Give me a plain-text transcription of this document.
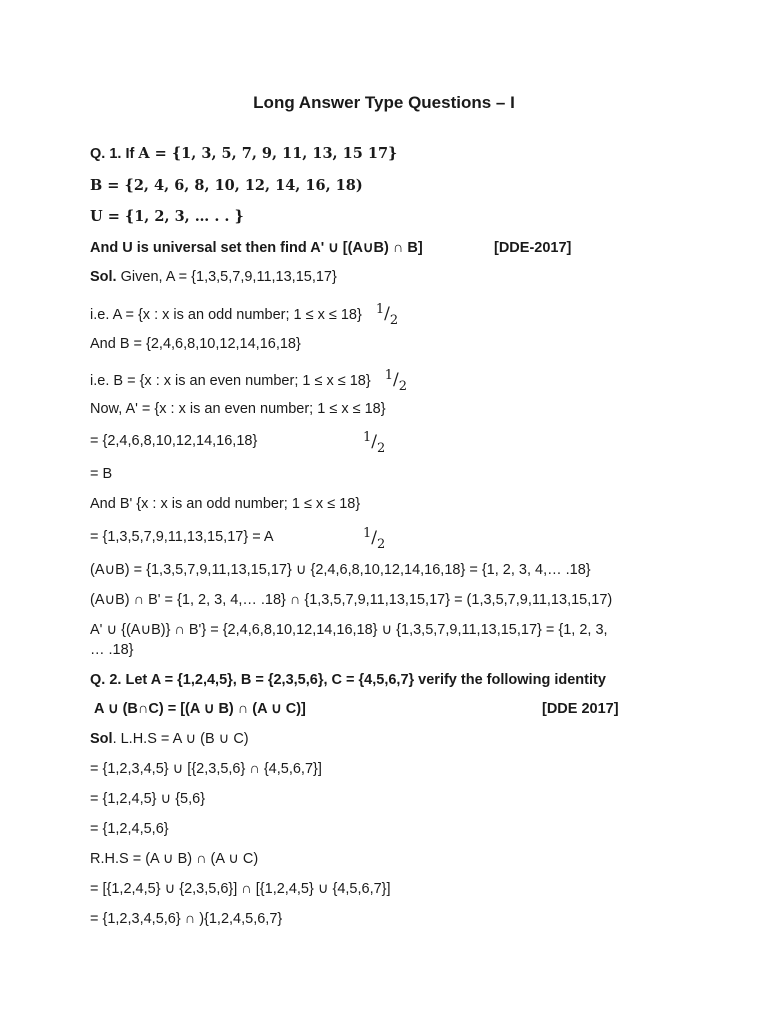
Long Answer Type Questions – I
Q. 1. If A = {1, 3, 5, 7, 9, 11, 13, 15 17}
B = {2, 4, 6, 8, 10, 12, 14, 16, 18)
U = {1, 2, 3, … . . }
And U is universal set then find A' ∪ [(A∪B) ∩ B]	[DDE-2017]
Sol. Given, A = {1,3,5,7,9,11,13,15,17}
i.e. A = {x : x is an odd number; 1 ≤ x ≤ 18} $^1/_2$
And B = {2,4,6,8,10,12,14,16,18}
i.e. B = {x : x is an even number; 1 ≤ x ≤ 18} $^1/_2$
Now, A' = {x : x is an even number; 1 ≤ x ≤ 18}
= {2,4,6,8,10,12,14,16,18}	$^1/_2$
= B
And B' {x : x is an odd number; 1 ≤ x ≤ 18}
= {1,3,5,7,9,11,13,15,17} = A	$^1/_2$
(A∪B) = {1,3,5,7,9,11,13,15,17} ∪ {2,4,6,8,10,12,14,16,18} = {1, 2, 3, 4,… .18}
(A∪B) ∩ B' = {1, 2, 3, 4,… .18} ∩ {1,3,5,7,9,11,13,15,17} = (1,3,5,7,9,11,13,15,17)
A' ∪ {(A∪B)} ∩ B'} = {2,4,6,8,10,12,14,16,18} ∪ {1,3,5,7,9,11,13,15,17} = {1, 2, 3,
… .18}
Q. 2. Let A = {1,2,4,5}, B = {2,3,5,6}, C = {4,5,6,7} verify the following identity
A ∪ (B∩C) = [(A ∪ B) ∩ (A ∪ C)]	[DDE 2017]
Sol. L.H.S = A ∪ (B ∪ C)
= {1,2,3,4,5} ∪ [{2,3,5,6} ∩ {4,5,6,7}]
= {1,2,4,5} ∪ {5,6}
= {1,2,4,5,6}
R.H.S = (A ∪ B) ∩ (A ∪ C)
= [{1,2,4,5} ∪ {2,3,5,6}] ∩ [{1,2,4,5} ∪ {4,5,6,7}]
= {1,2,3,4,5,6} ∩ ){1,2,4,5,6,7}
